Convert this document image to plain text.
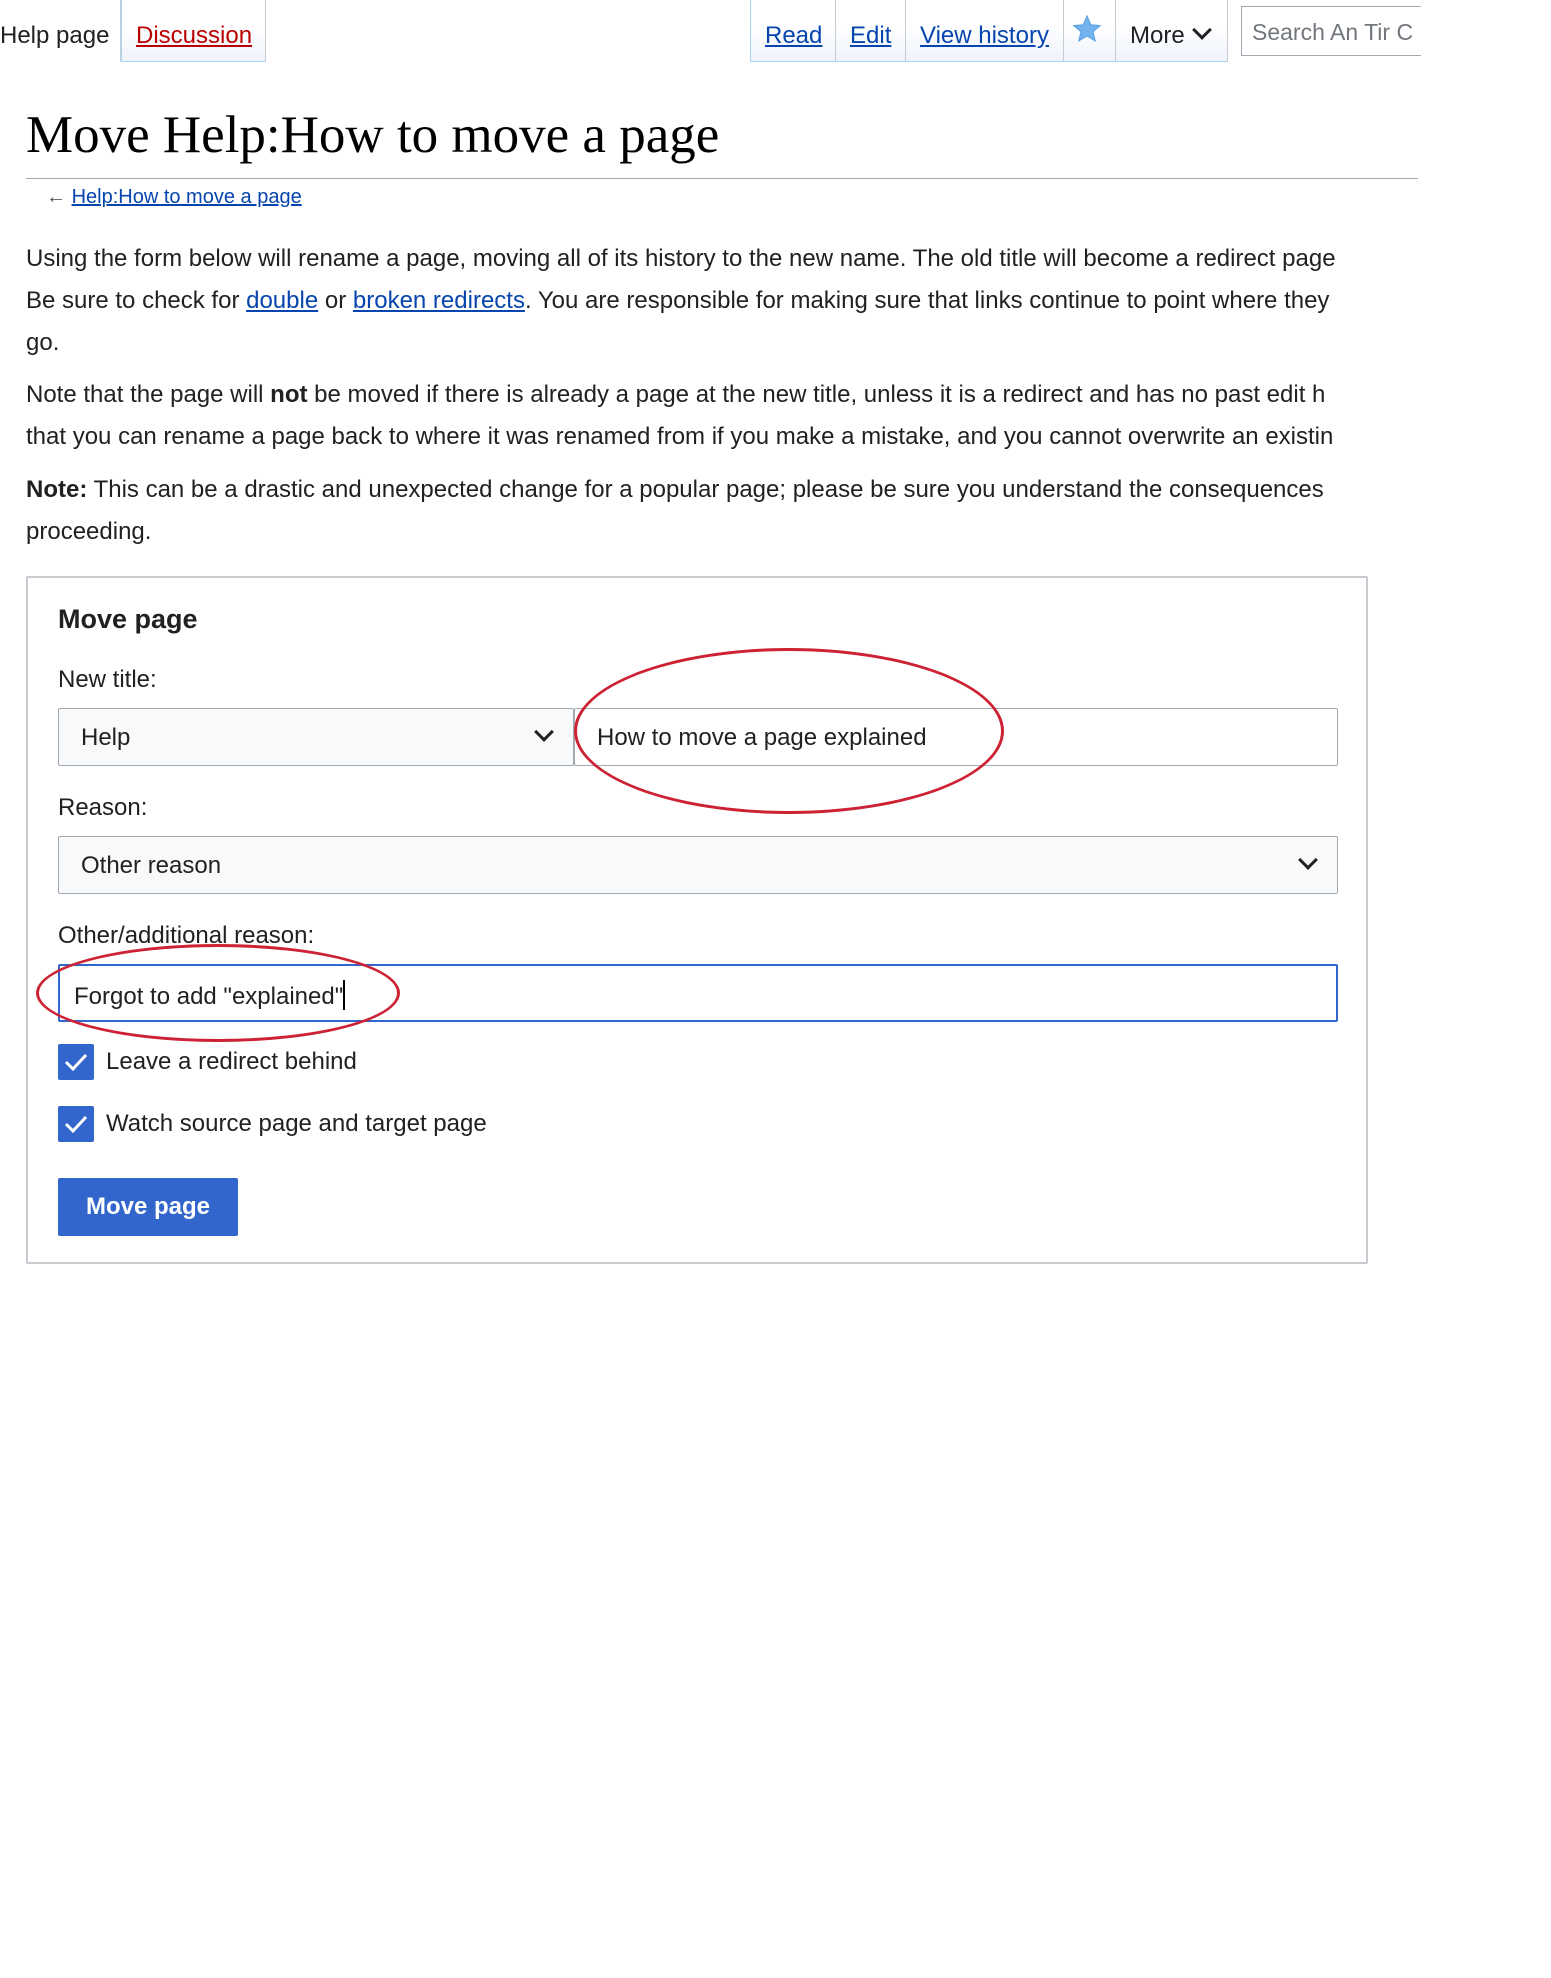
Help page	Discussion	Read	Edit	View history	More	Search An Tir C
Move Help:How to move a page
← Help:How to move a page

Using the form below will rename a page, moving all of its history to the new name. The old title will become a redirect page
Be sure to check for double or broken redirects. You are responsible for making sure that links continue to point where they
go.

Note that the page will not be moved if there is already a page at the new title, unless it is a redirect and has no past edit h
that you can rename a page back to where it was renamed from if you make a mistake, and you cannot overwrite an existin

Note: This can be a drastic and unexpected change for a popular page; please be sure you understand the consequences
proceeding.

Move page
New title:
Help	How to move a page explained
Reason:
Other reason
Other/additional reason:
Forgot to add "explained"
Leave a redirect behind
Watch source page and target page
Move page
